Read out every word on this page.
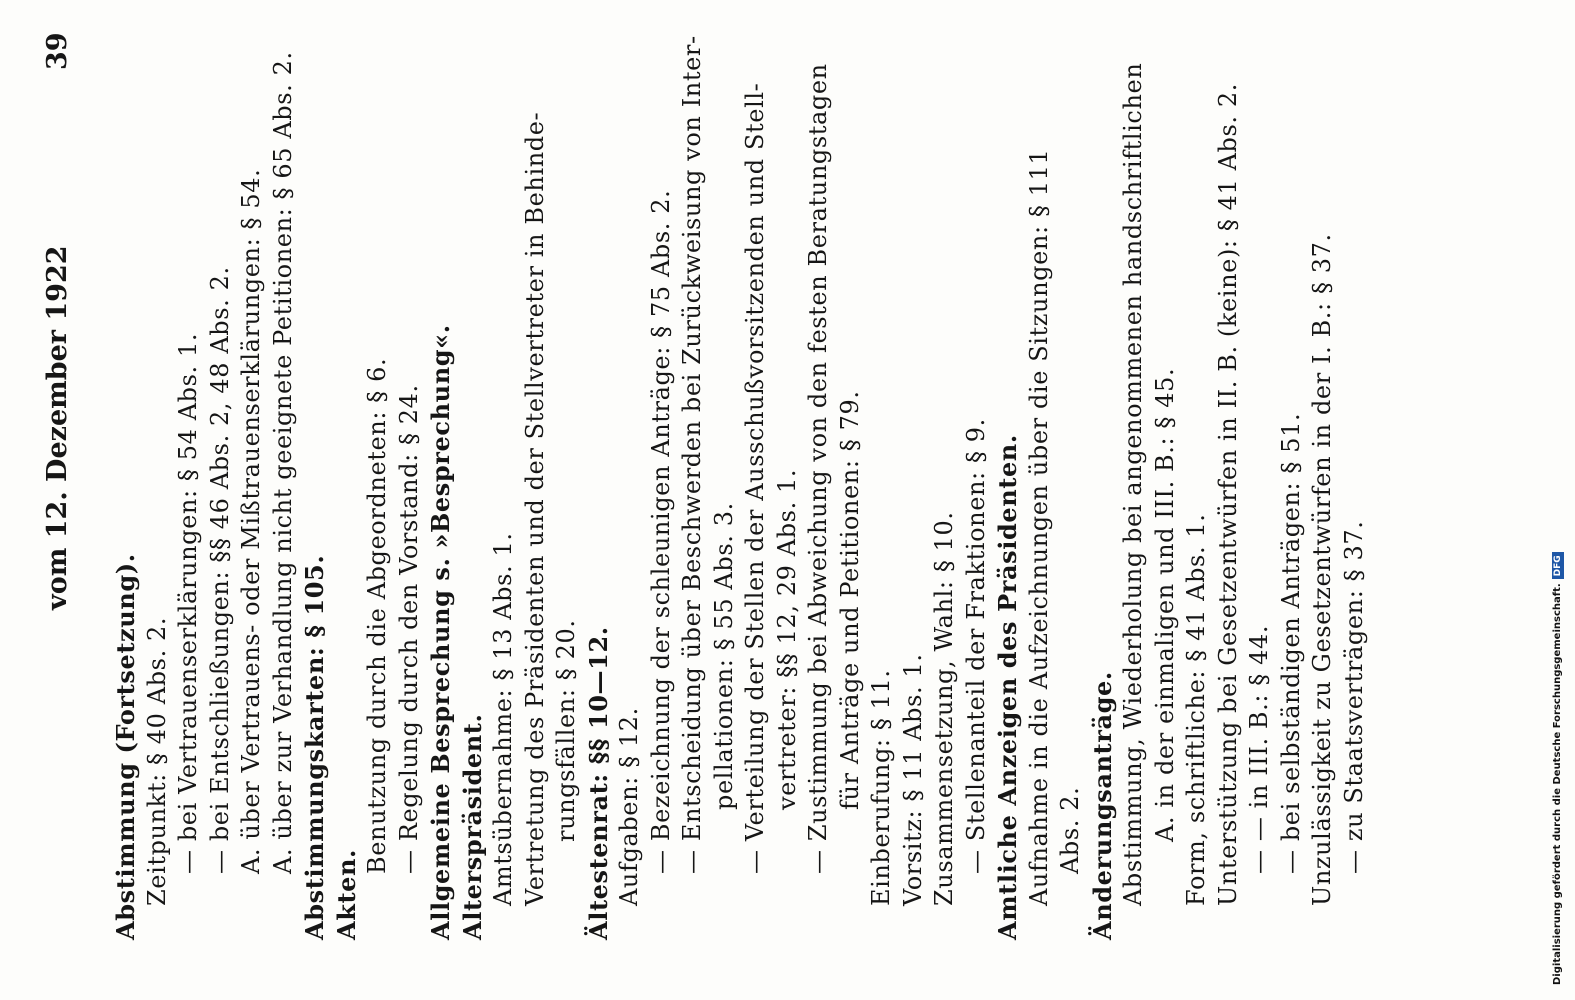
vom 12. Dezember 1922
39
Abstimmung (Fortsetzung). Zeitpunkt: § 40 Abs. 2. — bei Vertrauenserklärungen: § 54 Abs. 1. — bei Entschließungen: §§ 46 Abs. 2, 48 Abs. 2. A. über Vertrauens- oder Mißtrauenserklärungen: § 54. A. über zur Verhandlung nicht geeignete Petitionen: § 65 Abs. 2. Abstimmungskarten: § 105. Akten.
Benutzung durch die Abgeordneten: § 6. — Regelung durch den Vorstand: § 24. Allgemeine Besprechung s. »Besprechung«. Alterspräsident. Amtsübernahme: § 13 Abs. 1. Vertretung des Präsidenten und der Stellvertreter in Behinde- rungsfällen: § 20. Ältestenrat: §§ 10—12. Aufgaben: § 12. — Bezeichnung der schleunigen Anträge: § 75 Abs. 2. — Entscheidung über Beschwerden bei Zurückweisung von Inter- pellationen: § 55 Abs. 3. — Verteilung der Stellen der Ausschußvorsitzenden und Stell- vertreter: §§ 12, 29 Abs. 1. — Zustimmung bei Abweichung von den festen Beratungstagen für Anträge und Petitionen: § 79. Einberufung: § 11. Vorsitz: § 11 Abs. 1. Zusammensetzung, Wahl: § 10. — Stellenanteil der Fraktionen: § 9. Amtliche Anzeigen des Präsidenten. Aufnahme in die Aufzeichnungen über die Sitzungen: § 111 Abs. 2. Änderungsanträge. Abstimmung, Wiederholung bei angenommenen handschriftlichen A. in der einmaligen und III. B.: § 45. Form, schriftliche: § 41 Abs. 1. Unterstützung bei Gesetzentwürfen in II. B. (keine): § 41 Abs. 2. — — in III. B.: § 44. — bei selbständigen Anträgen: § 51. Unzulässigkeit zu Gesetzentwürfen in der I. B.: § 37. — zu Staatsverträgen: § 37.	Digitalisierung gefördert durch die Deutsche Forschungsgemeinschaft.DFG
